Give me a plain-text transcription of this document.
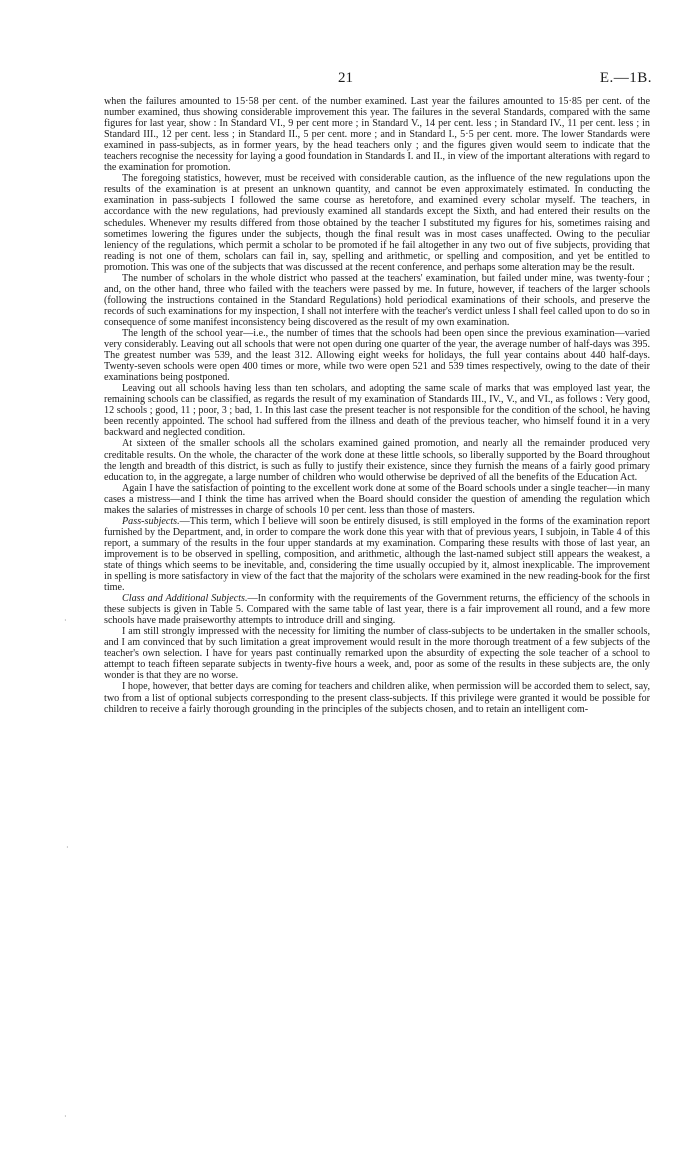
21	E.—1B.

when the failures amounted to 15·58 per cent. of the number examined. Last year the failures amounted to 15·85 per cent. of the number examined, thus showing considerable improvement this year. The failures in the several Standards, compared with the same figures for last year, show : In Standard VI., 9 per cent more ; in Standard V., 14 per cent. less ; in Standard IV., 11 per cent. less ; in Standard III., 12 per cent. less ; in Standard II., 5 per cent. more ; and in Standard I., 5·5 per cent. more. The lower Standards were examined in pass-subjects, as in former years, by the head teachers only ; and the figures given would seem to indicate that the teachers recognise the necessity for laying a good foundation in Standards I. and II., in view of the important alterations with regard to the examination for promotion.

The foregoing statistics, however, must be received with considerable caution, as the influence of the new regulations upon the results of the examination is at present an unknown quantity, and cannot be even approximately estimated. In conducting the examination in pass-subjects I followed the same course as heretofore, and examined every scholar myself. The teachers, in accordance with the new regulations, had previously examined all standards except the Sixth, and had entered their results on the schedules. Whenever my results differed from those obtained by the teacher I substituted my figures for his, sometimes raising and sometimes lowering the figures under the subjects, though the final result was in most cases unaffected. Owing to the peculiar leniency of the regulations, which permit a scholar to be promoted if he fail altogether in any two out of five subjects, providing that reading is not one of them, scholars can fail in, say, spelling and arithmetic, or spelling and composition, and yet be entitled to promotion. This was one of the subjects that was discussed at the recent conference, and perhaps some alteration may be the result.

The number of scholars in the whole district who passed at the teachers' examination, but failed under mine, was twenty-four ; and, on the other hand, three who failed with the teachers were passed by me. In future, however, if teachers of the larger schools (following the instructions contained in the Standard Regulations) hold periodical examinations of their schools, and preserve the records of such examinations for my inspection, I shall not interfere with the teacher's verdict unless I shall feel called upon to do so in consequence of some manifest inconsistency being discovered as the result of my own examination.

The length of the school year—i.e., the number of times that the schools had been open since the previous examination—varied very considerably. Leaving out all schools that were not open during one quarter of the year, the average number of half-days was 395. The greatest number was 539, and the least 312. Allowing eight weeks for holidays, the full year contains about 440 half-days. Twenty-seven schools were open 400 times or more, while two were open 521 and 539 times respectively, owing to the date of their examinations being postponed.

Leaving out all schools having less than ten scholars, and adopting the same scale of marks that was employed last year, the remaining schools can be classified, as regards the result of my examination of Standards III., IV., V., and VI., as follows : Very good, 12 schools ; good, 11 ; poor, 3 ; bad, 1. In this last case the present teacher is not responsible for the condition of the school, he having been recently appointed. The school had suffered from the illness and death of the previous teacher, who himself found it in a very backward and neglected condition.

At sixteen of the smaller schools all the scholars examined gained promotion, and nearly all the remainder produced very creditable results. On the whole, the character of the work done at these little schools, so liberally supported by the Board throughout the length and breadth of this district, is such as fully to justify their existence, since they furnish the means of a fairly good primary education to, in the aggregate, a large number of children who would otherwise be deprived of all the benefits of the Education Act.

Again I have the satisfaction of pointing to the excellent work done at some of the Board schools under a single teacher—in many cases a mistress—and I think the time has arrived when the Board should consider the question of amending the regulation which makes the salaries of mistresses in charge of schools 10 per cent. less than those of masters.

Pass-subjects.—This term, which I believe will soon be entirely disused, is still employed in the forms of the examination report furnished by the Department, and, in order to compare the work done this year with that of previous years, I subjoin, in Table 4 of this report, a summary of the results in the four upper standards at my examination. Comparing these results with those of last year, an improvement is to be observed in spelling, composition, and arithmetic, although the last-named subject still appears the weakest, a state of things which seems to be inevitable, and, considering the time usually occupied by it, almost inexplicable. The improvement in spelling is more satisfactory in view of the fact that the majority of the scholars were examined in the new reading-book for the first time.

Class and Additional Subjects.—In conformity with the requirements of the Government returns, the efficiency of the schools in these subjects is given in Table 5. Compared with the same table of last year, there is a fair improvement all round, and a few more schools have made praiseworthy attempts to introduce drill and singing.

I am still strongly impressed with the necessity for limiting the number of class-subjects to be undertaken in the smaller schools, and I am convinced that by such limitation a great improvement would result in the more thorough treatment of a few subjects of the teacher's own selection. I have for years past continually remarked upon the absurdity of expecting the sole teacher of a school to attempt to teach fifteen separate subjects in twenty-five hours a week, and, poor as some of the results in these subjects are, the only wonder is that they are no worse.

I hope, however, that better days are coming for teachers and children alike, when permission will be accorded them to select, say, two from a list of optional subjects corresponding to the present class-subjects. If this privilege were granted it would be possible for children to receive a fairly thorough grounding in the principles of the subjects chosen, and to retain an intelligent com-

·
·
·
